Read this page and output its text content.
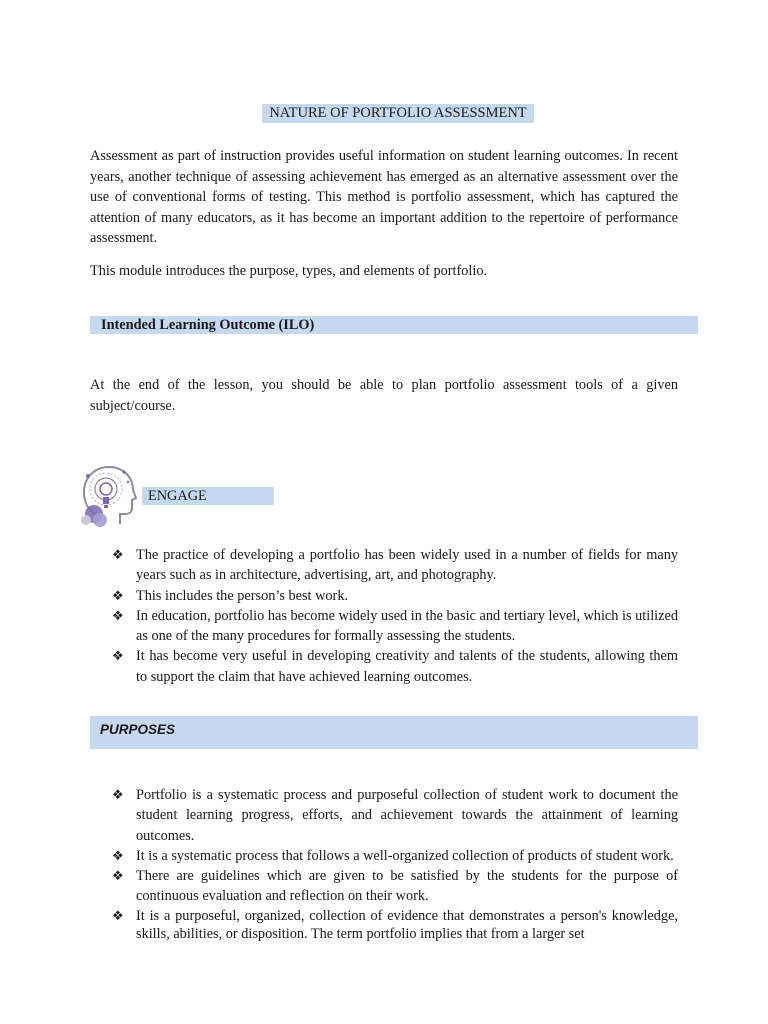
NATURE OF PORTFOLIO ASSESSMENT

Assessment as part of instruction provides useful information on student learning outcomes. In recent years, another technique of assessing achievement has emerged as an alternative assessment over the use of conventional forms of testing. This method is portfolio assessment, which has captured the attention of many educators, as it has become an important addition to the repertoire of performance assessment.

This module introduces the purpose, types, and elements of portfolio.

Intended Learning Outcome (ILO)

At the end of the lesson, you should be able to plan portfolio assessment tools of a given subject/course.

ENGAGE
❖ The practice of developing a portfolio has been widely used in a number of fields for many years such as in architecture, advertising, art, and photography.
❖ This includes the person’s best work.
❖ In education, portfolio has become widely used in the basic and tertiary level, which is utilized as one of the many procedures for formally assessing the students.
❖ It has become very useful in developing creativity and talents of the students, allowing them to support the claim that have achieved learning outcomes.
PURPOSES
❖ Portfolio is a systematic process and purposeful collection of student work to document the student learning progress, efforts, and achievement towards the attainment of learning outcomes.
❖ It is a systematic process that follows a well-organized collection of products of student work.
❖ There are guidelines which are given to be satisfied by the students for the purpose of continuous evaluation and reflection on their work.
❖ It is a purposeful, organized, collection of evidence that demonstrates a person's knowledge, skills, abilities, or disposition. The term portfolio implies that from a larger set
